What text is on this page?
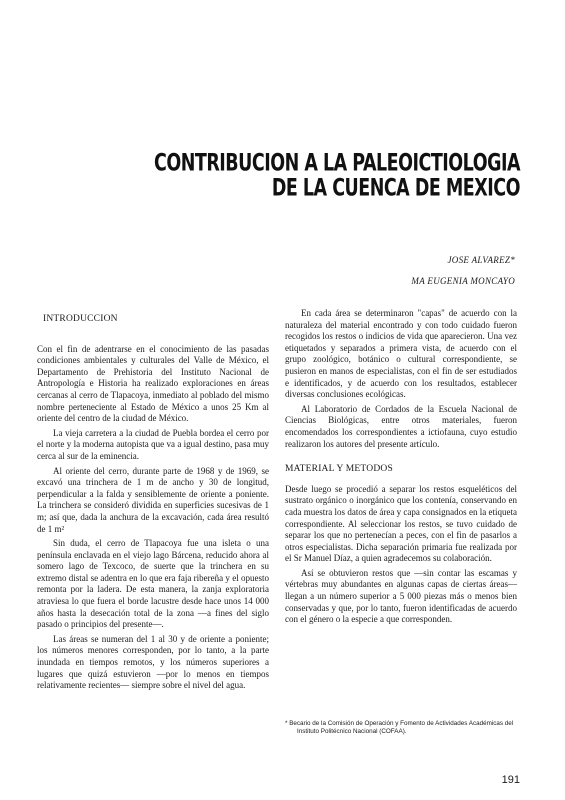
CONTRIBUCION A LA PALEOICTIOLOGIA
DE LA CUENCA DE MEXICO
JOSE ALVAREZ*
MA EUGENIA MONCAYO
INTRODUCCION

Con el fin de adentrarse en el conocimiento de las pasadas condiciones ambientales y culturales del Valle de México, el Departamento de Prehistoria del Instituto Nacional de Antropología e Historia ha realizado exploraciones en áreas cercanas al cerro de Tlapacoya, inmediato al poblado del mismo nombre perteneciente al Estado de México a unos 25 Km al oriente del centro de la ciudad de México.

La vieja carretera a la ciudad de Puebla bordea el cerro por el norte y la moderna autopista que va a igual destino, pasa muy cerca al sur de la eminencia.

Al oriente del cerro, durante parte de 1968 y de 1969, se excavó una trinchera de 1 m de ancho y 30 de longitud, perpendicular a la falda y sensiblemente de oriente a poniente. La trinchera se consideró dividida en superficies sucesivas de 1 m; así que, dada la anchura de la excavación, cada área resultó de 1 m²

Sin duda, el cerro de Tlapacoya fue una isleta o una península enclavada en el viejo lago Bárcena, reducido ahora al somero lago de Texcoco, de suerte que la trinchera en su extremo distal se adentra en lo que era faja ribereña y el opuesto remonta por la ladera. De esta manera, la zanja exploratoria atraviesa lo que fuera el borde lacustre desde hace unos 14 000 años hasta la desecación total de la zona —a fines del siglo pasado o principios del presente—.

Las áreas se numeran del 1 al 30 y de oriente a poniente; los números menores corresponden, por lo tanto, a la parte inundada en tiempos remotos, y los números superiores a lugares que quizá estuvieron —por lo menos en tiempos relativamente recientes— siempre sobre el nivel del agua.

En cada área se determinaron "capas" de acuerdo con la naturaleza del material encontrado y con todo cuidado fueron recogidos los restos o indicios de vida que aparecieron. Una vez etiquetados y separados a primera vista, de acuerdo con el grupo zoológico, botánico o cultural correspondiente, se pusieron en manos de especialistas, con el fin de ser estudiados e identificados, y de acuerdo con los resultados, establecer diversas conclusiones ecológicas.

Al Laboratorio de Cordados de la Escuela Nacional de Ciencias Biológicas, entre otros materiales, fueron encomendados los correspondientes a ictiofauna, cuyo estudio realizaron los autores del presente artículo.

MATERIAL Y METODOS

Desde luego se procedió a separar los restos esqueléticos del sustrato orgánico o inorgánico que los contenía, conservando en cada muestra los datos de área y capa consignados en la etiqueta correspondiente. Al seleccionar los restos, se tuvo cuidado de separar los que no pertenecían a peces, con el fin de pasarlos a otros especialistas. Dicha separación primaria fue realizada por el Sr Manuel Díaz, a quien agradecemos su colaboración.

Así se obtuvieron restos que —sin contar las escamas y vértebras muy abundantes en algunas capas de ciertas áreas— llegan a un número superior a 5 000 piezas más o menos bien conservadas y que, por lo tanto, fueron identificadas de acuerdo con el género o la especie a que corresponden.

* Becario de la Comisión de Operación y Fomento de Actividades Académicas del Instituto Politécnico Nacional (COFAA).
191
